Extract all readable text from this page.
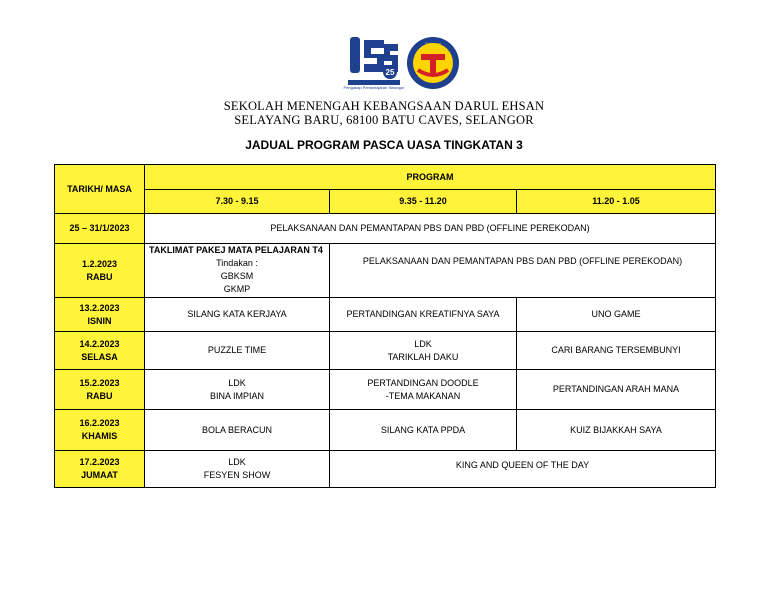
25
Pengakap Pembelajaran Selangor
Selangor
SEKOLAH MENENGAH KEBANGSAAN DARUL EHSAN
SELAYANG BARU, 68100 BATU CAVES, SELANGOR
JADUAL PROGRAM PASCA UASA TINGKATAN 3
TARIKH/ MASA	PROGRAM		
	7.30 - 9.15	9.35 - 11.20	11.20 - 1.05
25 – 31/1/2023	PELAKSANAAN DAN PEMANTAPAN PBS DAN PBD (OFFLINE PEREKODAN)		

1.2.2023
RABU	TAKLIMAT PAKEJ MATA PELAJARAN T4
Tindakan :
GBKSM
GKMP	PELAKSANAAN DAN PEMANTAPAN PBS DAN PBD (OFFLINE PEREKODAN)	

13.2.2023
ISNIN	SILANG KATA KERJAYA	PERTANDINGAN KREATIFNYA SAYA	UNO GAME

14.2.2023
SELASA	PUZZLE TIME	LDK
TARIKLAH DAKU	CARI BARANG TERSEMBUNYI

15.2.2023
RABU	LDK
BINA IMPIAN	PERTANDINGAN DOODLE
-TEMA MAKANAN	PERTANDINGAN ARAH MANA

16.2.2023
KHAMIS	BOLA BERACUN	SILANG KATA PPDA	KUIZ BIJAKKAH SAYA

17.2.2023
JUMAAT	LDK
FESYEN SHOW	KING AND QUEEN OF THE DAY	
